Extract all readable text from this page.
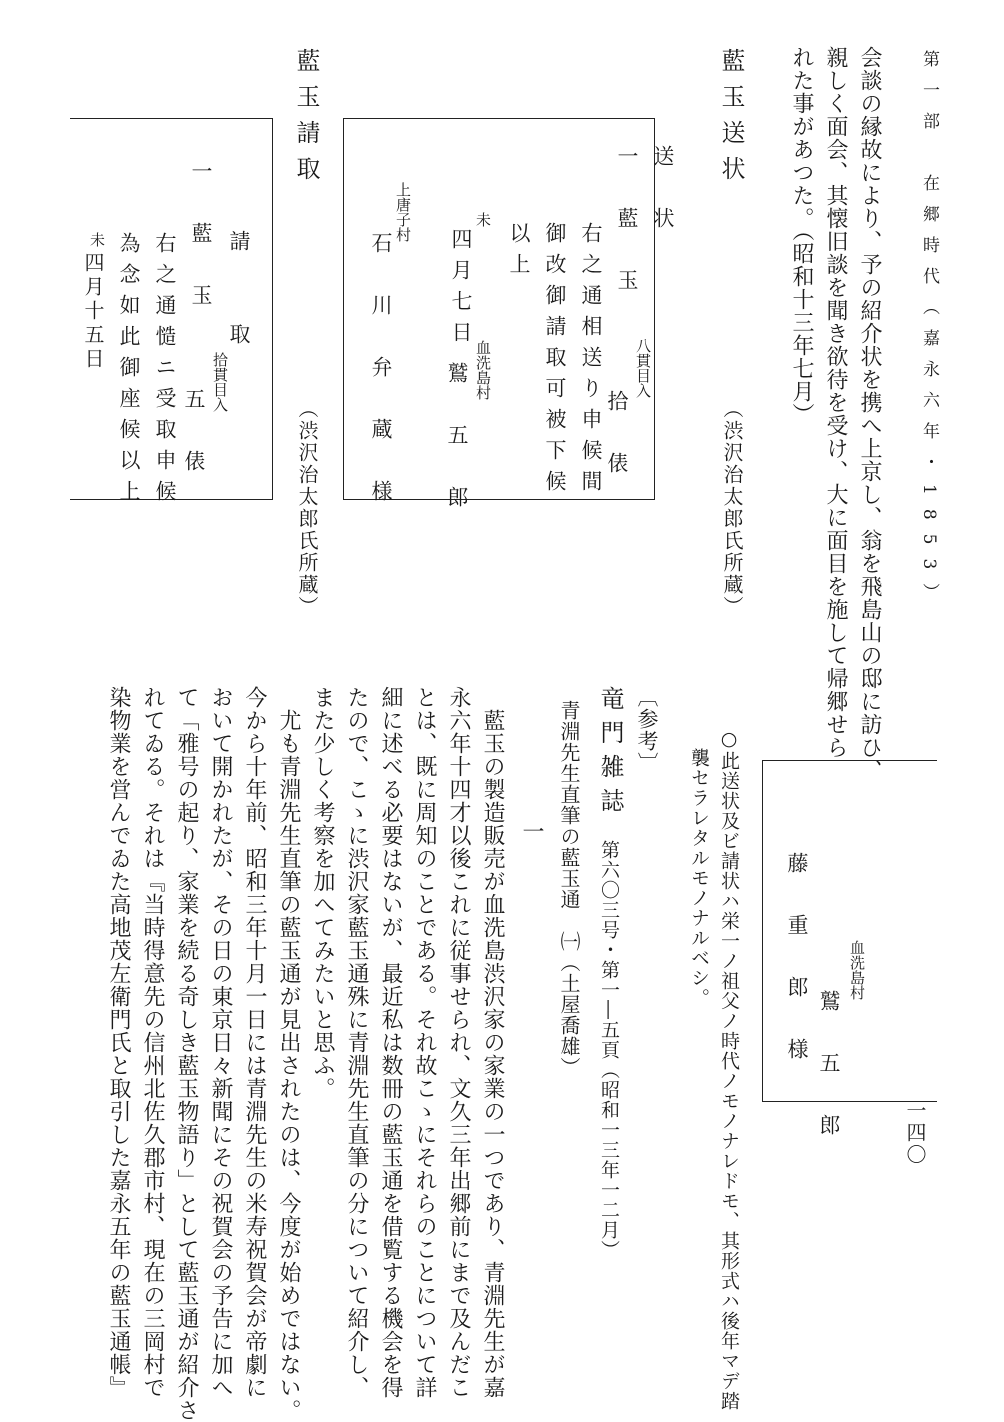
第一部　在郷時代（嘉永六年・1853）
一四〇
会談の縁故により、予の紹介状を携へ上京し、翁を飛島山の邸に訪ひ、
親しく面会、其懐旧談を聞き欲待を受け、大に面目を施して帰郷せら
れた事があつた。（昭和十三年七月）
藍玉送状
送　状
一　藍　玉
八貫目入
拾　俵
右之通相送り申候間
御改御請取可被下候
以上
未
四月七日
血洗島村
鷲　五　郎
上唐子村
石　川　弁　蔵　様	（渋沢治太郎氏所蔵）
藍玉請取
請　　取
一　藍　玉
拾貫目入
五　俵
右之通慥ニ受取申候
為念如此御座候以上
未
四月十五日
（渋沢治太郎氏所蔵）
血洗島村
鷲　五　郎
藤　重　郎　様
○此送状及ビ請状ハ栄一ノ祖父ノ時代ノモノナレドモ、其形式ハ後年マデ踏
　襲セラレタルモノナルベシ。
〔参考〕
竜門雑誌
第六〇三号・第一―五頁（昭和一三年一二月）
青淵先生直筆の藍玉通　㈠（土屋喬雄）
一
　藍玉の製造販売が血洗島渋沢家の家業の一つであり、青淵先生が嘉
永六年十四才以後これに従事せられ、文久三年出郷前にまで及んだこ
とは、既に周知のことである。それ故こゝにそれらのことについて詳
細に述べる必要はないが、最近私は数冊の藍玉通を借覧する機会を得
たので、こゝに渋沢家藍玉通殊に青淵先生直筆の分について紹介し、
また少しく考察を加へてみたいと思ふ。
　尤も青淵先生直筆の藍玉通が見出されたのは、今度が始めではない。
今から十年前、昭和三年十月一日には青淵先生の米寿祝賀会が帝劇に
おいて開かれたが、その日の東京日々新聞にその祝賀会の予告に加へ
て「雅号の起り、家業を続る奇しき藍玉物語り」として藍玉通が紹介さ
れてゐる。それは『当時得意先の信州北佐久郡市村、現在の三岡村で
染物業を営んでゐた高地茂左衛門氏と取引した嘉永五年の藍玉通帳』
